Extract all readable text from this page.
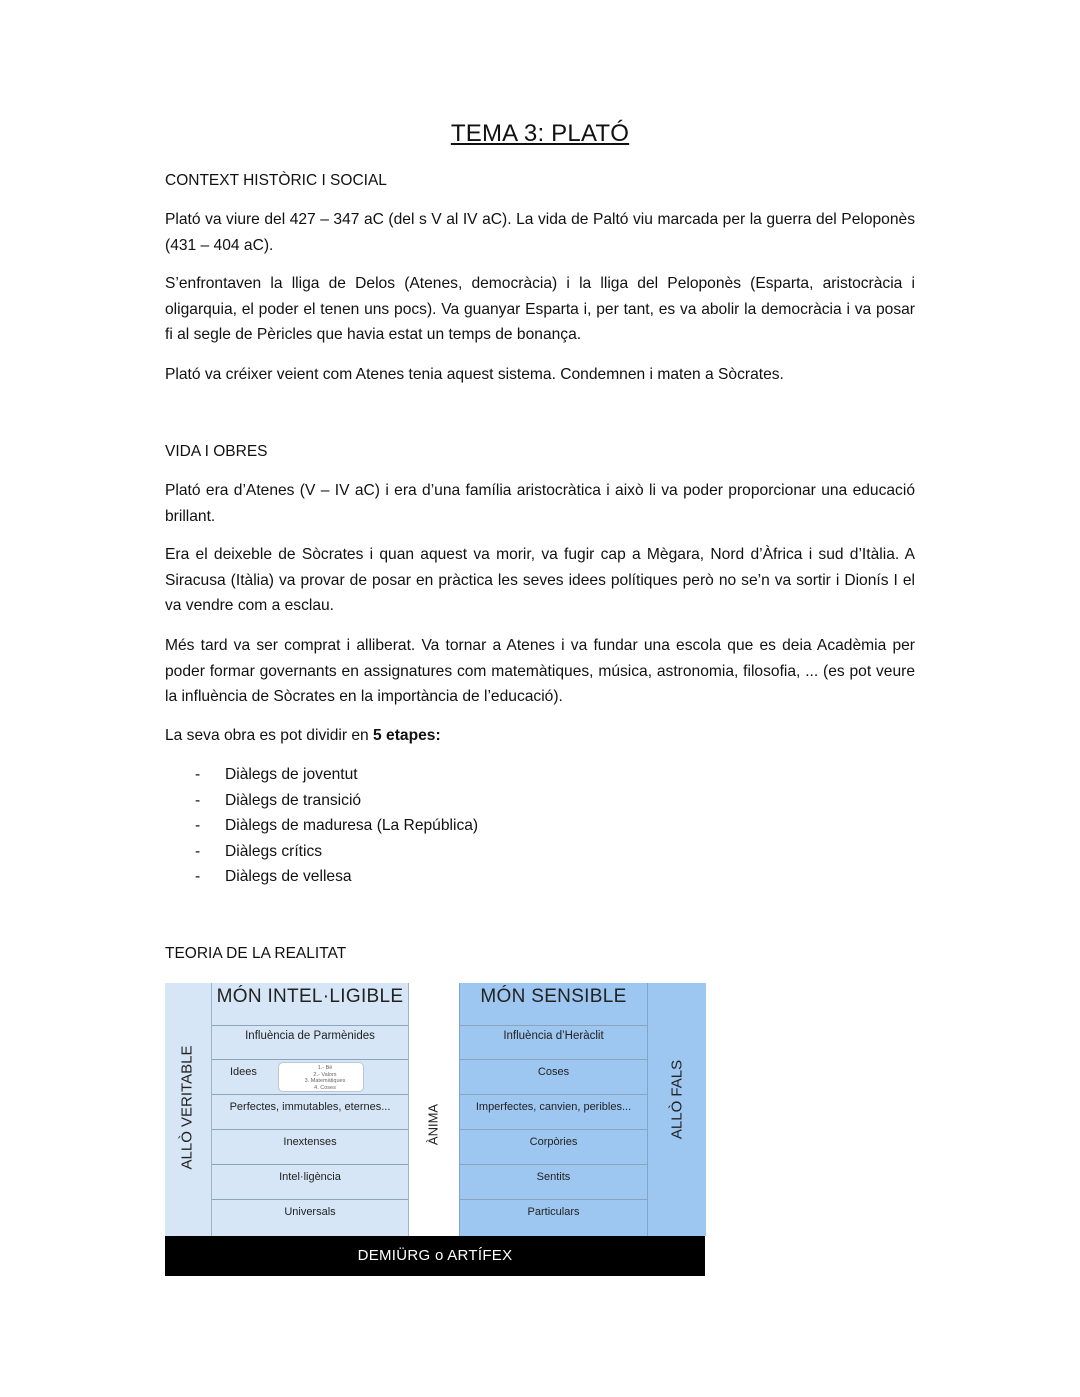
TEMA 3: PLATÓ

CONTEXT HISTÒRIC I SOCIAL

Plató va viure del 427 – 347 aC (del s V al IV aC). La vida de Paltó viu marcada per la guerra del Peloponès (431 – 404 aC).

S’enfrontaven la lliga de Delos (Atenes, democràcia) i la lliga del Peloponès (Esparta, aristocràcia i oligarquia, el poder el tenen uns pocs). Va guanyar Esparta i, per tant, es va abolir la democràcia i va posar fi al segle de Pèricles que havia estat un temps de bonança.

Plató va créixer veient com Atenes tenia aquest sistema. Condemnen i maten a Sòcrates.

VIDA I OBRES

Plató era d’Atenes (V – IV aC) i era d’una família aristocràtica i això li va poder proporcionar una educació brillant.

Era el deixeble de Sòcrates i quan aquest va morir, va fugir cap a Mègara, Nord d’Àfrica i sud d’Itàlia. A Siracusa (Itàlia) va provar de posar en pràctica les seves idees polítiques però no se’n va sortir i Dionís I el va vendre com a esclau.

Més tard va ser comprat i alliberat. Va tornar a Atenes i va fundar una escola que es deia Acadèmia per poder formar governants en assignatures com matemàtiques, música, astronomia, filosofia, ... (es pot veure la influència de Sòcrates en la importància de l’educació).

La seva obra es pot dividir en 5 etapes:

- Diàlegs de joventut
- Diàlegs de transició
- Diàlegs de maduresa (La República)
- Diàlegs crítics
- Diàlegs de vellesa

TEORIA DE LA REALITAT

ALLÒ VERITABLE
MÓN INTEL·LIGIBLE
Influència de Parmènides
Idees	1.- Bé
2.- Valors
3. Matemàtiques
4. Coses
Perfectes, immutables, eternes...
Inextenses
Intel·ligència
Universals
ÀNIMA
MÓN SENSIBLE
Influència d’Heràclit
Coses
Imperfectes, canvien, peribles...
Corpòries
Sentits
Particulars
ALLÒ FALS
DEMIÜRG o ARTÍFEX
